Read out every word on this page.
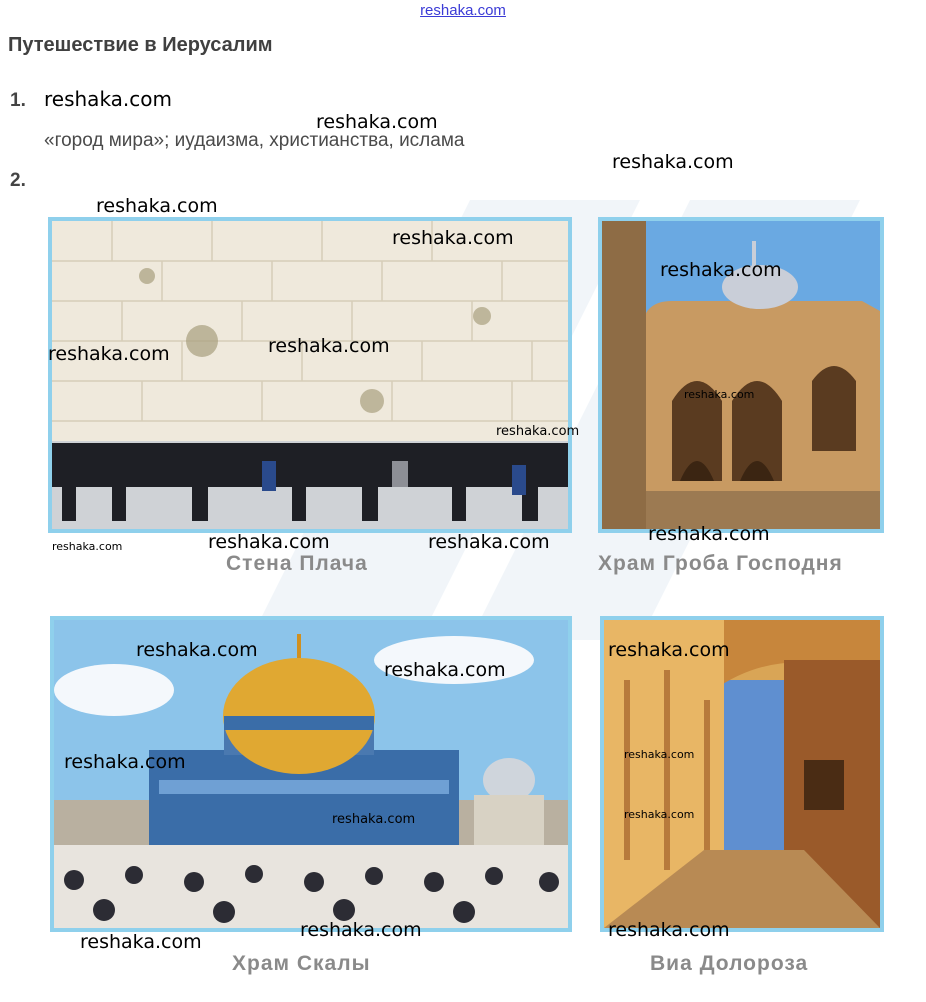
reshaka.com
Путешествие в Иерусалим
1. reshaka.com
«город мира»; иудаизма, христианства, ислама
2.
Стена Плача	Храм Гроба Господня
Храм Скалы	Виа Долороза
reshaka.com
reshaka.com
reshaka.com
reshaka.com
reshaka.com
reshaka.com	reshaka.com
reshaka.com
reshaka.com	reshaka.com
reshaka.com	reshaka.com
reshaka.com
reshaka.com
reshaka.com
reshaka.com	reshaka.com
reshaka.com
reshaka.com
reshaka.com
reshaka.com
reshaka.com
reshaka.com
